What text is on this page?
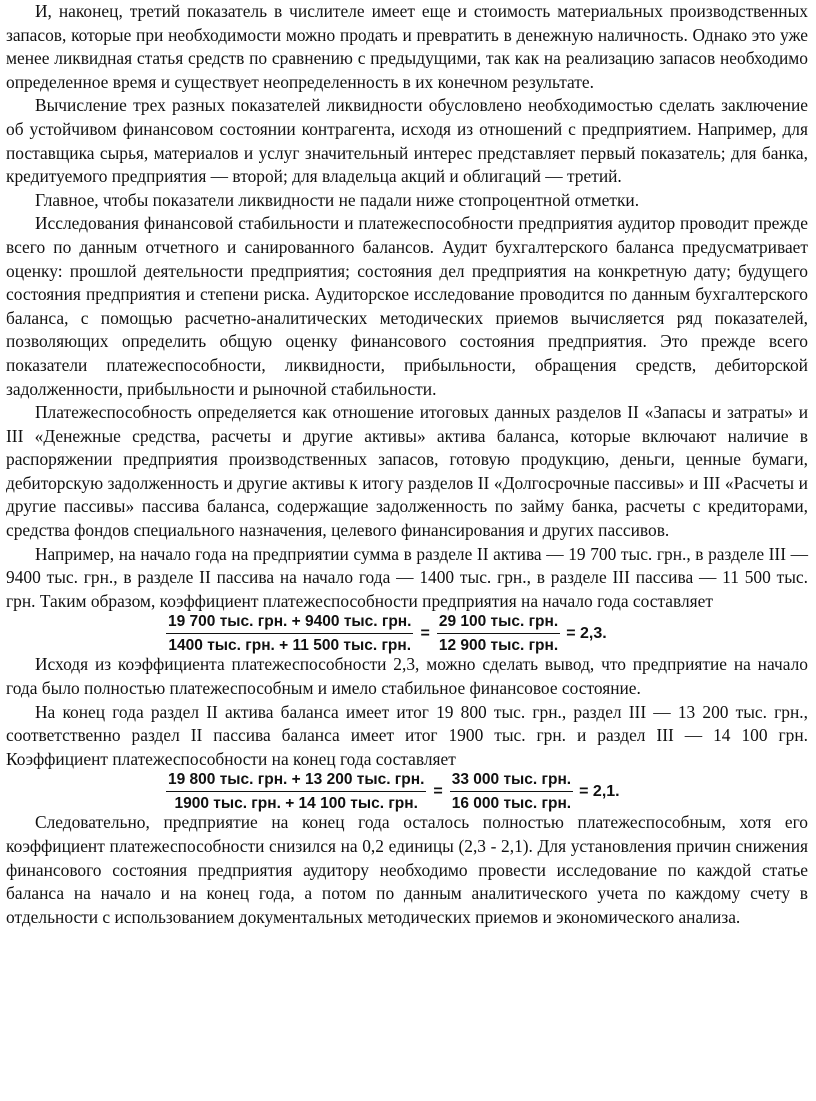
И, наконец, третий показатель в числителе имеет еще и стоимость материальных производственных запасов, которые при необходимости можно продать и превратить в денежную наличность. Однако это уже менее ликвидная статья средств по сравнению с предыдущими, так как на реализацию запасов необходимо определенное время и существует неопределенность в их конечном результате.

Вычисление трех разных показателей ликвидности обусловлено необходимостью сделать заключение об устойчивом финансовом состоянии контрагента, исходя из отношений с предприятием. Например, для поставщика сырья, материалов и услуг значительный интерес представляет первый показатель; для банка, кредитуемого предприятия — второй; для владельца акций и облигаций — третий.

Главное, чтобы показатели ликвидности не падали ниже стопроцентной отметки.

Исследования финансовой стабильности и платежеспособности предприятия аудитор проводит прежде всего по данным отчетного и санированного балансов. Аудит бухгалтерского баланса предусматривает оценку: прошлой деятельности предприятия; состояния дел предприятия на конкретную дату; будущего состояния предприятия и степени риска. Аудиторское исследование проводится по данным бухгалтерского баланса, с помощью расчетно-аналитических методических приемов вычисляется ряд показателей, позволяющих определить общую оценку финансового состояния предприятия. Это прежде всего показатели платежеспособности, ликвидности, прибыльности, обращения средств, дебиторской задолженности, прибыльности и рыночной стабильности.

Платежеспособность определяется как отношение итоговых данных разделов II «Запасы и затраты» и III «Денежные средства, расчеты и другие активы» актива баланса, которые включают наличие в распоряжении предприятия производственных запасов, готовую продукцию, деньги, ценные бумаги, дебиторскую задолженность и другие активы к итогу разделов II «Долгосрочные пассивы» и III «Расчеты и другие пассивы» пассива баланса, содержащие задолженность по займу банка, расчеты с кредиторами, средства фондов специального назначения, целевого финансирования и других пассивов.

Например, на начало года на предприятии сумма в разделе II актива — 19 700 тыс. грн., в разделе III — 9400 тыс. грн., в разделе II пассива на начало года — 1400 тыс. грн., в разделе III пассива — 11 500 тыс. грн. Таким образом, коэффициент платежеспособности предприятия на начало года составляет

$\frac{\text{19 700 тыс. грн. + 9400 тыс. грн.}}{\text{1400 тыс. грн. + 11 500 тыс. грн.}} = \frac{\text{29 100 тыс. грн.}}{\text{12 900 тыс. грн.}} = 2,3$.

Исходя из коэффициента платежеспособности 2,3, можно сделать вывод, что предприятие на начало года было полностью платежеспособным и имело стабильное финансовое состояние.

На конец года раздел II актива баланса имеет итог 19 800 тыс. грн., раздел III — 13 200 тыс. грн., соответственно раздел II пассива баланса имеет итог 1900 тыс. грн. и раздел III — 14 100 грн. Коэффициент платежеспособности на конец года составляет

$\frac{\text{19 800 тыс. грн. + 13 200 тыс. грн.}}{\text{1900 тыс. грн. + 14 100 тыс. грн.}} = \frac{\text{33 000 тыс. грн.}}{\text{16 000 тыс. грн.}} = 2,1$.

Следовательно, предприятие на конец года осталось полностью платежеспособным, хотя его коэффициент платежеспособности снизился на 0,2 единицы (2,3 - 2,1). Для установления причин снижения финансового состояния предприятия аудитору необходимо провести исследование по каждой статье баланса на начало и на конец года, а потом по данным аналитического учета по каждому счету в отдельности с использованием документальных методических приемов и экономического анализа.
